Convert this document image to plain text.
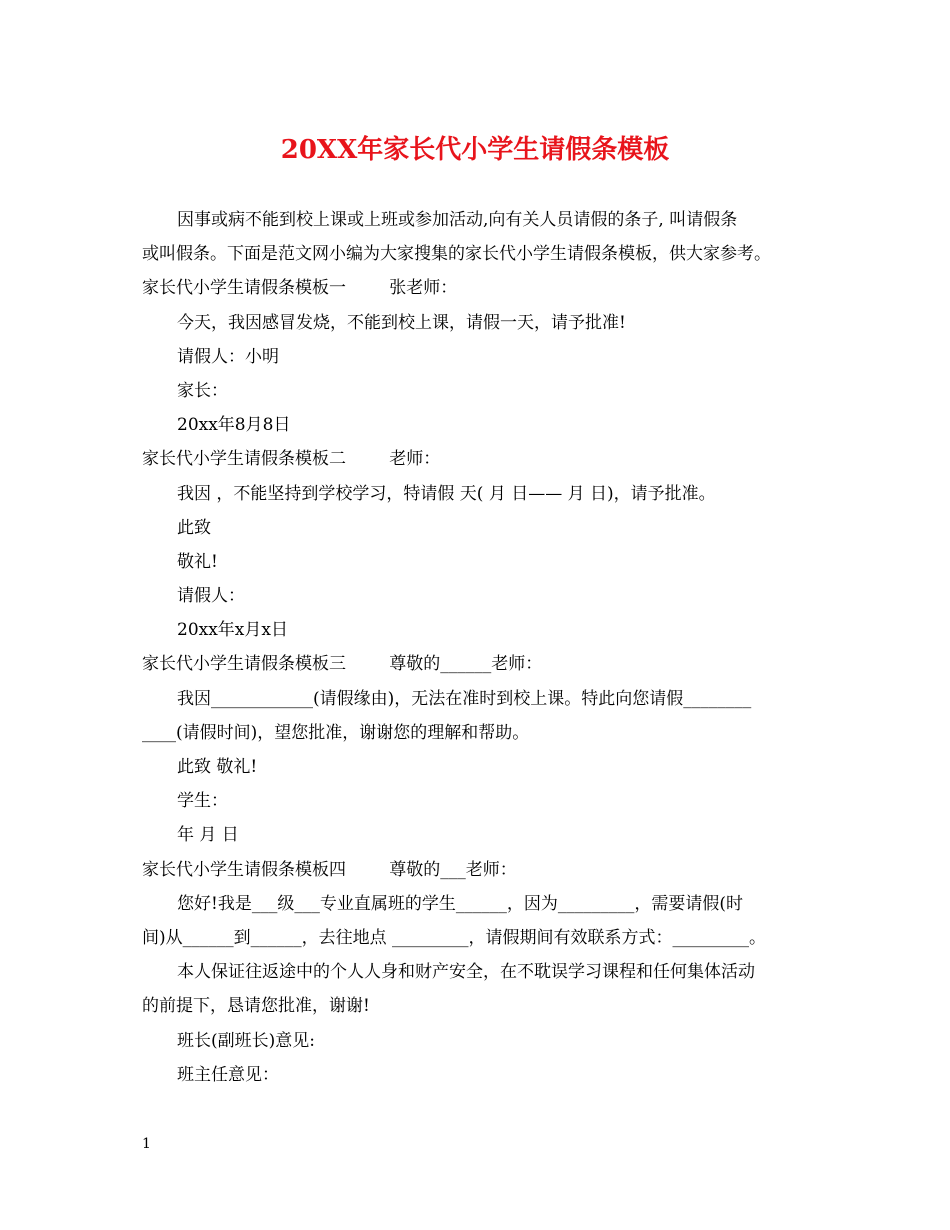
20XX年家长代小学生请假条模板

因事或病不能到校上课或上班或参加活动,向有关人员请假的条子, 叫请假条

或叫假条。下面是范文网小编为大家搜集的家长代小学生请假条模板，供大家参考。

家长代小学生请假条模板一        张老师：

今天，我因感冒发烧，不能到校上课，请假一天，请予批准!

请假人：小明

家长：

20xx年8月8日

家长代小学生请假条模板二        老师：

我因 ，不能坚持到学校学习，特请假 天( 月 日—— 月 日)，请予批准。

此致

敬礼!

请假人：

20xx年x月x日

家长代小学生请假条模板三        尊敬的______老师：

我因____________(请假缘由)，无法在准时到校上课。特此向您请假________

____(请假时间)，望您批准，谢谢您的理解和帮助。

此致 敬礼!

学生：

年 月 日

家长代小学生请假条模板四        尊敬的___老师：

您好!我是___级___专业直属班的学生______，因为_________，需要请假(时

间)从______到______，去往地点 _________，请假期间有效联系方式：_________。

本人保证往返途中的个人人身和财产安全，在不耽误学习课程和任何集体活动

的前提下，恳请您批准，谢谢!

班长(副班长)意见:

班主任意见：

1
